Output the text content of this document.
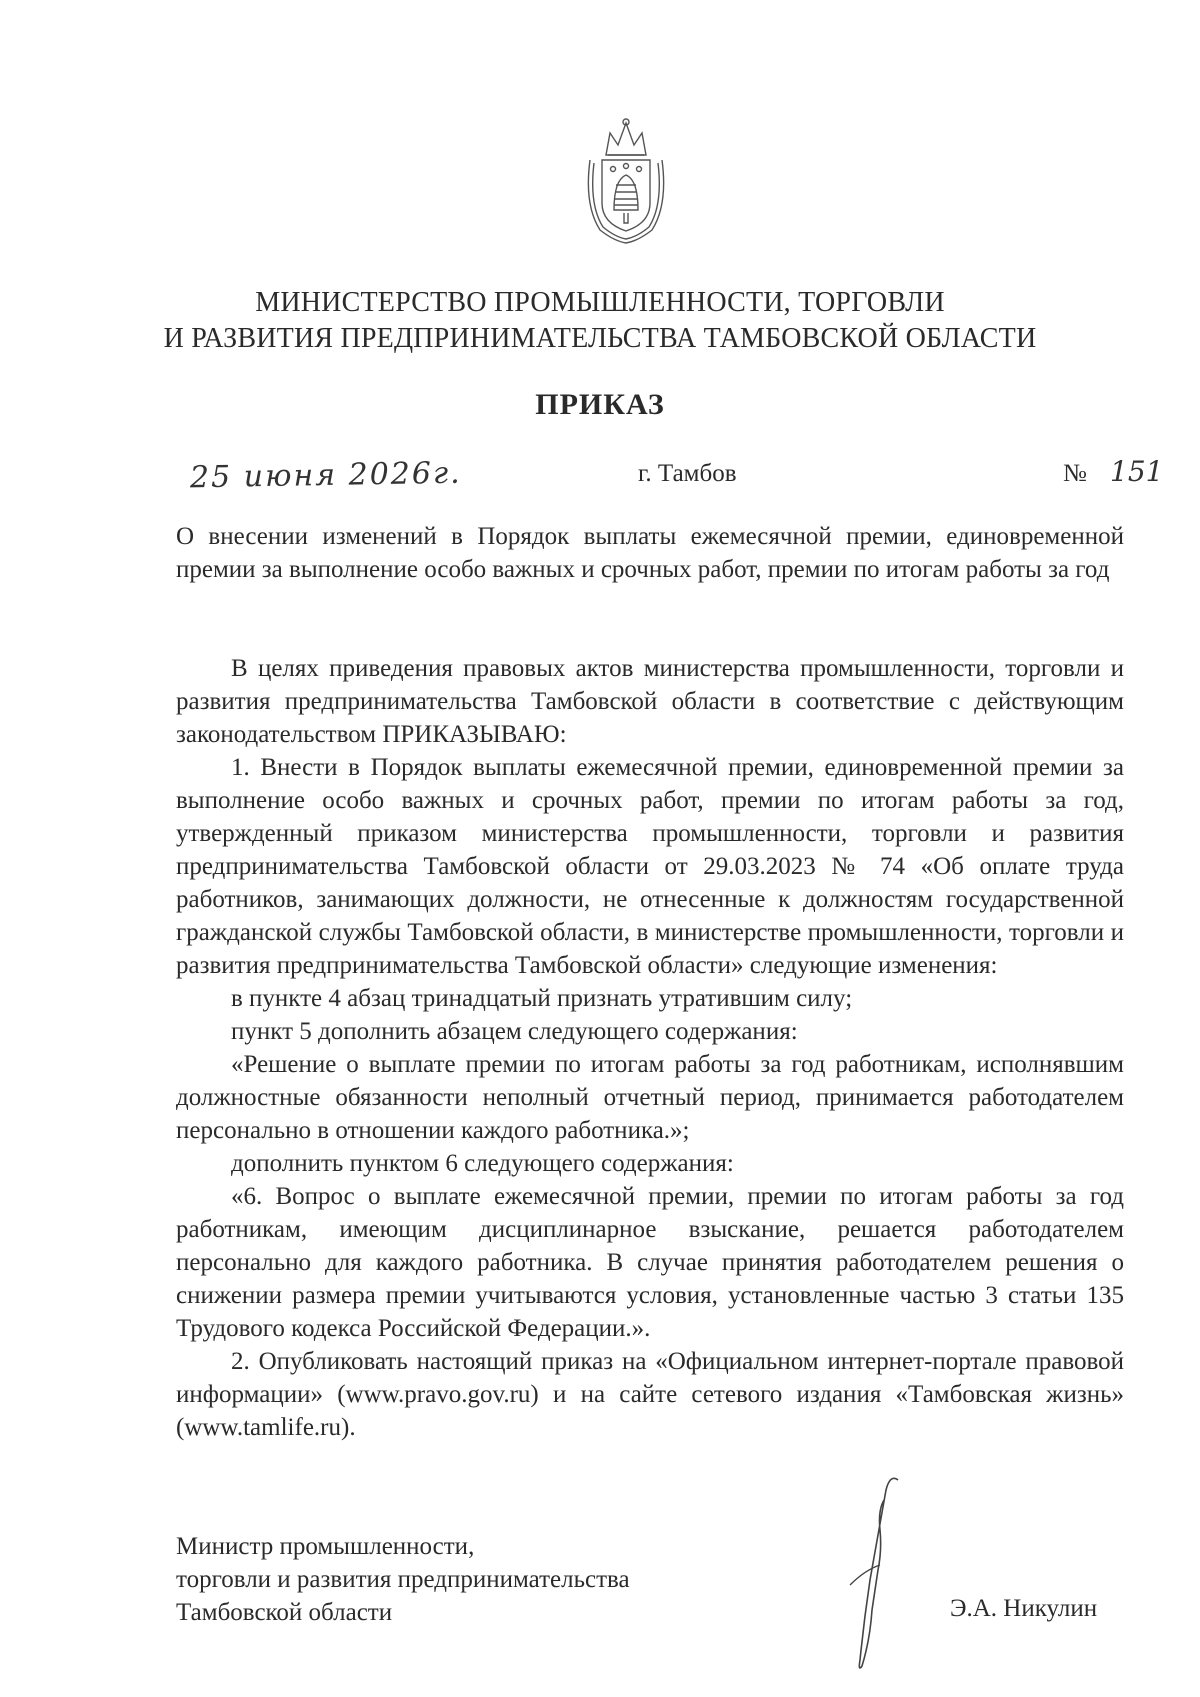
МИНИСТЕРСТВО ПРОМЫШЛЕННОСТИ, ТОРГОВЛИ
И РАЗВИТИЯ ПРЕДПРИНИМАТЕЛЬСТВА ТАМБОВСКОЙ ОБЛАСТИ
ПРИКАЗ
25 июня 2026г.	г. Тамбов	№ 151
О внесении изменений в Порядок выплаты ежемесячной премии, единовременной премии за выполнение особо важных и срочных работ, премии по итогам работы за год

В целях приведения правовых актов министерства промышленности, торговли и развития предпринимательства Тамбовской области в соответствие с действующим законодательством ПРИКАЗЫВАЮ:

1. Внести в Порядок выплаты ежемесячной премии, единовременной премии за выполнение особо важных и срочных работ, премии по итогам работы за год, утвержденный приказом министерства промышленности, торговли и развития предпринимательства Тамбовской области от 29.03.2023 № 74 «Об оплате труда работников, занимающих должности, не отнесенные к должностям государственной гражданской службы Тамбовской области, в министерстве промышленности, торговли и развития предпринимательства Тамбовской области» следующие изменения:

в пункте 4 абзац тринадцатый признать утратившим силу;

пункт 5 дополнить абзацем следующего содержания:

«Решение о выплате премии по итогам работы за год работникам, исполнявшим должностные обязанности неполный отчетный период, принимается работодателем персонально в отношении каждого работника.»;

дополнить пунктом 6 следующего содержания:

«6. Вопрос о выплате ежемесячной премии, премии по итогам работы за год работникам, имеющим дисциплинарное взыскание, решается работодателем персонально для каждого работника. В случае принятия работодателем решения о снижении размера премии учитываются условия, установленные частью 3 статьи 135 Трудового кодекса Российской Федерации.».

2. Опубликовать настоящий приказ на «Официальном интернет-портале правовой информации» (www.pravo.gov.ru) и на сайте сетевого издания «Тамбовская жизнь» (www.tamlife.ru).

Министр промышленности,
торговли и развития предпринимательства
Тамбовской области	Э.А. Никулин
